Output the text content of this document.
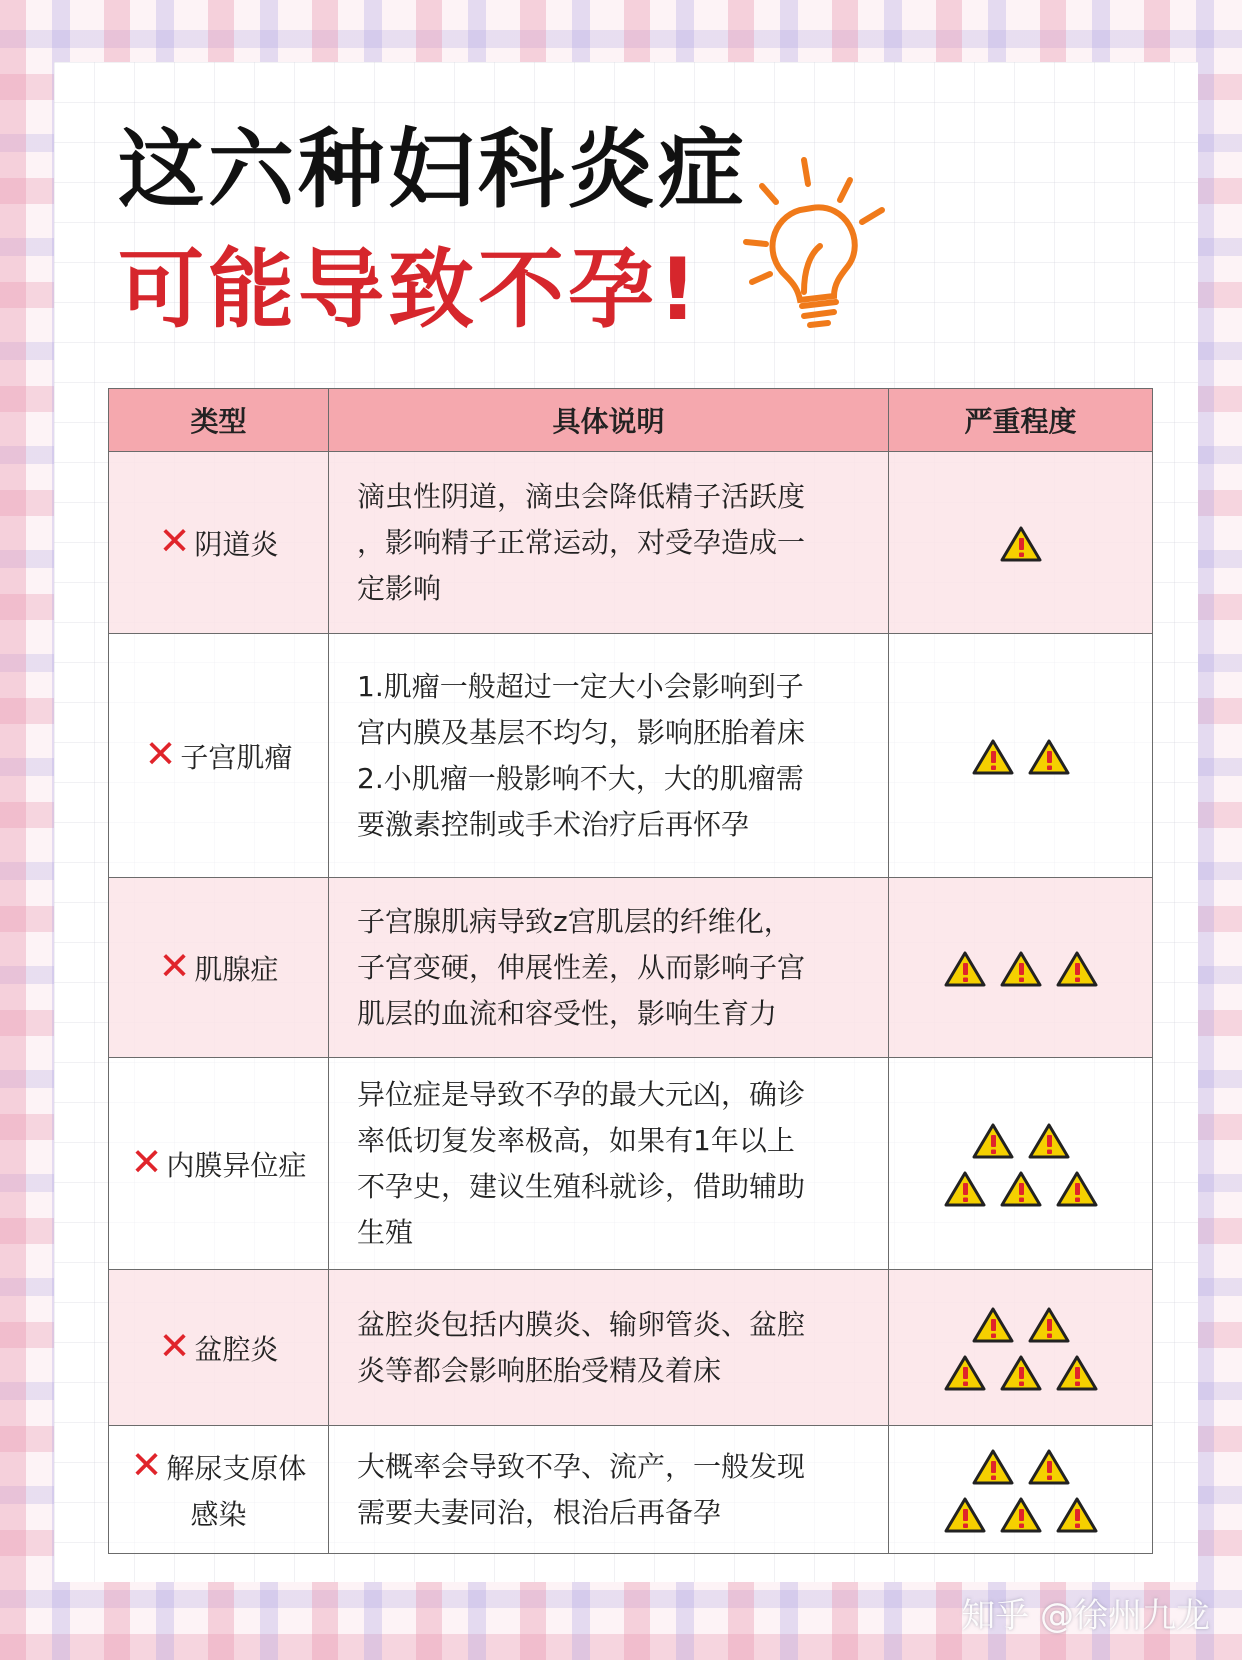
这六种妇科炎症
可能导致不孕!
类型	具体说明	严重程度
✕ 阴道炎	滴虫性阴道，滴虫会降低精子活跃度
，影响精子正常运动，对受孕造成一
定影响	

✕ 子宫肌瘤	1.肌瘤一般超过一定大小会影响到子
宫内膜及基层不均匀，影响胚胎着床
2.小肌瘤一般影响不大，大的肌瘤需
要激素控制或手术治疗后再怀孕	

✕ 肌腺症	子宫腺肌病导致z宫肌层的纤维化，
子宫变硬，伸展性差，从而影响子宫
肌层的血流和容受性，影响生育力	

✕ 内膜异位症	异位症是导致不孕的最大元凶，确诊
率低切复发率极高，如果有1年以上
不孕史，建议生殖科就诊，借助辅助
生殖	

✕ 盆腔炎	盆腔炎包括内膜炎、输卵管炎、盆腔
炎等都会影响胚胎受精及着床	

✕ 解尿支原体
感染	大概率会导致不孕、流产，一般发现
需要夫妻同治，根治后再备孕	
知乎 @徐州九龙
